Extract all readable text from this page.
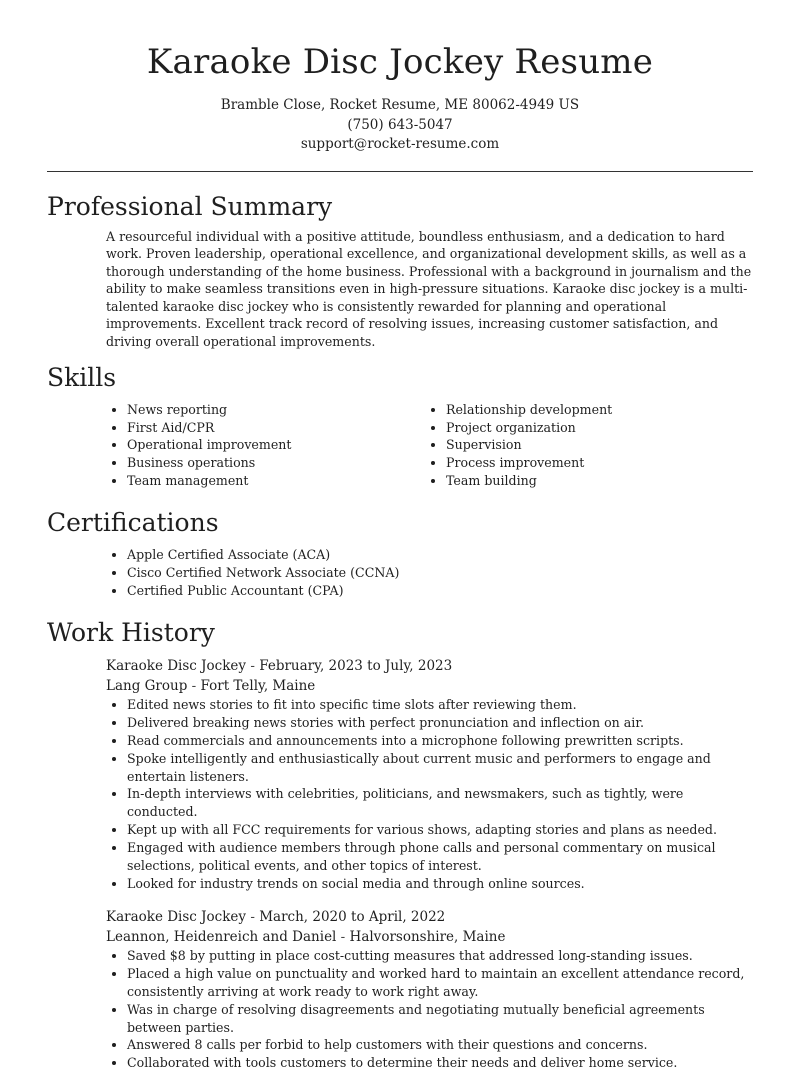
Karaoke Disc Jockey Resume
Bramble Close, Rocket Resume, ME 80062-4949 US
(750) 643-5047
support@rocket-resume.com
Professional Summary

A resourceful individual with a positive attitude, boundless enthusiasm, and a dedication to hard work. Proven leadership, operational excellence, and organizational development skills, as well as a thorough understanding of the home business. Professional with a background in journalism and the ability to make seamless transitions even in high-pressure situations. Karaoke disc jockey is a multi-talented karaoke disc jockey who is consistently rewarded for planning and operational improvements. Excellent track record of resolving issues, increasing customer satisfaction, and driving overall operational improvements.

Skills
• News reporting
• First Aid/CPR
• Operational improvement
• Business operations
• Team management
• Relationship development
• Project organization
• Supervision
• Process improvement
• Team building
Certifications
• Apple Certified Associate (ACA)
• Cisco Certified Network Associate (CCNA)
• Certified Public Accountant (CPA)
Work History
Karaoke Disc Jockey - February, 2023 to July, 2023
Lang Group - Fort Telly, Maine
• Edited news stories to fit into specific time slots after reviewing them.
• Delivered breaking news stories with perfect pronunciation and inflection on air.
• Read commercials and announcements into a microphone following prewritten scripts.
• Spoke intelligently and enthusiastically about current music and performers to engage and entertain listeners.
• In-depth interviews with celebrities, politicians, and newsmakers, such as tightly, were conducted.
• Kept up with all FCC requirements for various shows, adapting stories and plans as needed.
• Engaged with audience members through phone calls and personal commentary on musical selections, political events, and other topics of interest.
• Looked for industry trends on social media and through online sources.
Karaoke Disc Jockey - March, 2020 to April, 2022
Leannon, Heidenreich and Daniel - Halvorsonshire, Maine
• Saved $8 by putting in place cost-cutting measures that addressed long-standing issues.
• Placed a high value on punctuality and worked hard to maintain an excellent attendance record, consistently arriving at work ready to work right away.
• Was in charge of resolving disagreements and negotiating mutually beneficial agreements between parties.
• Answered 8 calls per forbid to help customers with their questions and concerns.
• Collaborated with tools customers to determine their needs and deliver home service.
